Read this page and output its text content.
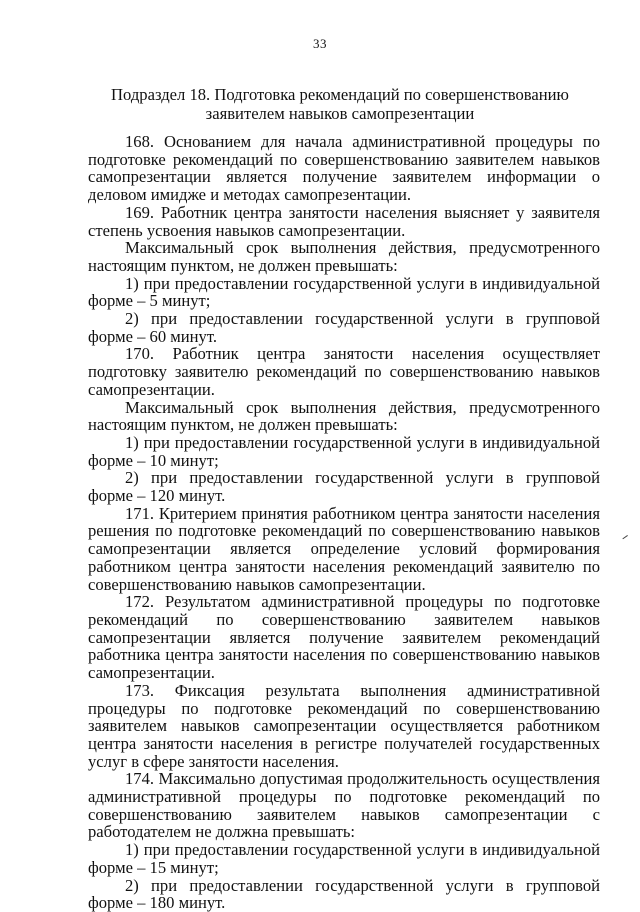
33
Подраздел 18. Подготовка рекомендаций по совершенствованию
заявителем навыков самопрезентации

168. Основанием для начала административной процедуры по подготовке рекомендаций по совершенствованию заявителем навыков самопрезентации является получение заявителем информации о деловом имидже и методах самопрезентации.

169. Работник центра занятости населения выясняет у заявителя степень усвоения навыков самопрезентации.

Максимальный срок выполнения действия, предусмотренного настоящим пунктом, не должен превышать:

1) при предоставлении государственной услуги в индивидуальной форме – 5 минут;

2) при предоставлении государственной услуги в групповой форме – 60 минут.

170. Работник центра занятости населения осуществляет подготовку заявителю рекомендаций по совершенствованию навыков самопрезентации.

Максимальный срок выполнения действия, предусмотренного настоящим пунктом, не должен превышать:

1) при предоставлении государственной услуги в индивидуальной форме – 10 минут;

2) при предоставлении государственной услуги в групповой форме – 120 минут.

171. Критерием принятия работником центра занятости населения решения по подготовке рекомендаций по совершенствованию навыков самопрезентации является определение условий формирования работником центра занятости населения рекомендаций заявителю по совершенствованию навыков самопрезентации.

172. Результатом административной процедуры по подготовке рекомендаций по совершенствованию заявителем навыков самопрезентации является получение заявителем рекомендаций работника центра занятости населения по совершенствованию навыков самопрезентации.

173. Фиксация результата выполнения административной процедуры по подготовке рекомендаций по совершенствованию заявителем навыков самопрезентации осуществляется работником центра занятости населения в регистре получателей государственных услуг в сфере занятости населения.

174. Максимально допустимая продолжительность осуществления административной процедуры по подготовке рекомендаций по совершенствованию заявителем навыков самопрезентации с работодателем не должна превышать:

1) при предоставлении государственной услуги в индивидуальной форме – 15 минут;

2) при предоставлении государственной услуги в групповой форме – 180 минут.
